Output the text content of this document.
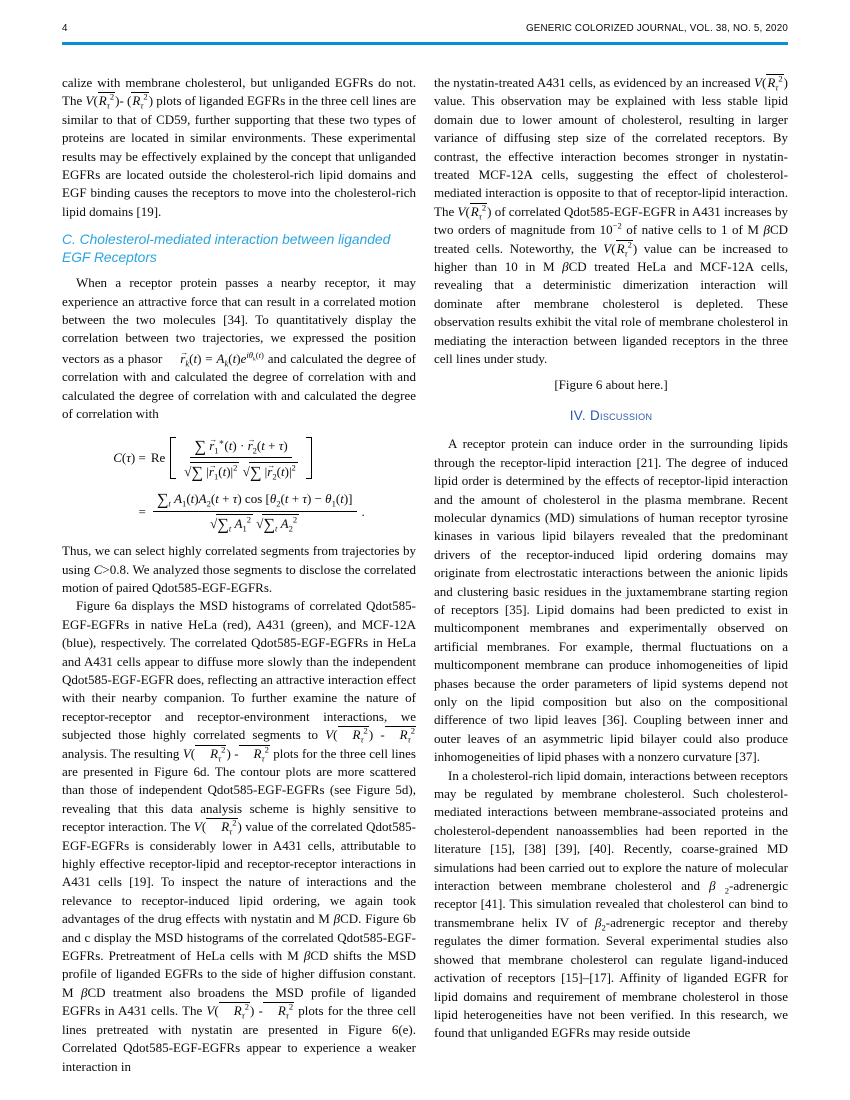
4	GENERIC COLORIZED JOURNAL, VOL. 38, NO. 5, 2020

calize with membrane cholesterol, but unliganded EGFRs do not. The $V(R_\tau^2)-$ $(R_\tau^2)$ plots of liganded EGFRs in the three cell lines are similar to that of CD59, further supporting that these two types of proteins are located in similar environments. These experimental results may be effectively explained by the concept that unliganded EGFRs are located outside the cholesterol-rich lipid domains and EGF binding causes the receptors to move into the cholesterol-rich lipid domains [19].

C. Cholesterol-mediated interaction between liganded EGF Receptors

When a receptor protein passes a nearby receptor, it may experience an attractive force that can result in a correlated motion between the two molecules [34]. To quantitatively display the correlation between two trajectories, we expressed the position vectors as a phasor $r \to_k(t) = A_k(t)e^{i\theta_k(t)}$ and calculated the degree of correlation with and calculated the degree of correlation with and calculated the degree of correlation with and calculated the degree of correlation with

C(τ) = Re $\frac{\sum r \to_1^∗(t) \cdot r \to_2(t + \tau)}{√\sum |r \to_1(t)|^2 √\sum |r \to_2(t)|^2}$
= $\frac{\sum_t A_1(t)A_2(t + \tau) \cos [\theta_2(t + \tau) - \theta_1(t)]}{√\sum_t A_1^2 √\sum_t A_2^2}$ .

Thus, we can select highly correlated segments from trajectories by using C>0.8. We analyzed those segments to disclose the correlated motion of paired Qdot585-EGF-EGFRs.

Figure 6a displays the MSD histograms of correlated Qdot585-EGF-EGFRs in native HeLa (red), A431 (green), and MCF-12A (blue), respectively. The correlated Qdot585-EGF-EGFRs in HeLa and A431 cells appear to diffuse more slowly than the independent Qdot585-EGF-EGFR does, reflecting an attractive interaction effect with their nearby companion. To further examine the nature of receptor-receptor and receptor-environment interactions, we subjected those highly correlated segments to V( $R_\tau^2) - R_\tau^2$ analysis. The resulting V( $R_\tau^2) - R_\tau^2$ plots for the three cell lines are presented in Figure 6d. The contour plots are more scattered than those of independent Qdot585-EGF-EGFRs (see Figure 5d), revealing that this data analysis scheme is highly sensitive to receptor interaction. The V( $R_\tau^2$) value of the correlated Qdot585-EGF-EGFRs is considerably lower in A431 cells, attributable to highly effective receptor-lipid and receptor-receptor interactions in A431 cells [19]. To inspect the nature of interactions and the relevance to receptor-induced lipid ordering, we again took advantages of the drug effects with nystatin and M βCD. Figure 6b and c display the MSD histograms of the correlated Qdot585-EGF-EGFRs. Pretreatment of HeLa cells with M βCD shifts the MSD profile of liganded EGFRs to the side of higher diffusion constant. M βCD treatment also broadens the MSD profile of liganded EGFRs in A431 cells. The V( $R_\tau^2) - R_\tau^2$ plots for the three cell lines pretreated with nystatin are presented in Figure 6(e). Correlated Qdot585-EGF-EGFRs appear to experience a weaker interaction in

the nystatin-treated A431 cells, as evidenced by an increased $V(R_\tau^2)$ value. This observation may be explained with less stable lipid domain due to lower amount of cholesterol, resulting in larger variance of diffusing step size of the correlated receptors. By contrast, the effective interaction becomes stronger in nystatin-treated MCF-12A cells, suggesting the effect of cholesterol-mediated interaction is opposite to that of receptor-lipid interaction. The $V(R_\tau^2)$ of correlated Qdot585-EGF-EGFR in A431 increases by two orders of magnitude from $10^{-2}$ of native cells to 1 of M βCD treated cells. Noteworthy, the $V(R_\tau^2)$ value can be increased to higher than 10 in M βCD treated HeLa and MCF-12A cells, revealing that a deterministic dimerization interaction will dominate after membrane cholesterol is depleted. These observation results exhibit the vital role of membrane cholesterol in mediating the interaction between liganded receptors in the three cell lines under study.

[Figure 6 about here.]

IV. Discussion

A receptor protein can induce order in the surrounding lipids through the receptor-lipid interaction [21]. The degree of induced lipid order is determined by the effects of receptor-lipid interaction and the amount of cholesterol in the plasma membrane. Recent molecular dynamics (MD) simulations of human receptor tyrosine kinases in various lipid bilayers revealed that the predominant drivers of the receptor-induced lipid ordering domains may originate from electrostatic interactions between the anionic lipids and clustering basic residues in the juxtamembrane starting region of receptors [35]. Lipid domains had been predicted to exist in multicomponent membranes and experimentally observed on artificial membranes. For example, thermal fluctuations on a multicomponent membrane can produce inhomogeneities of lipid phases because the order parameters of lipid systems depend not only on the lipid composition but also on the compositional difference of two lipid leaves [36]. Coupling between inner and outer leaves of an asymmetric lipid bilayer could also produce inhomogeneities of lipid phases with a nonzero curvature [37].

In a cholesterol-rich lipid domain, interactions between receptors may be regulated by membrane cholesterol. Such cholesterol-mediated interactions between membrane-associated proteins and cholesterol-dependent nanoassemblies had been reported in the literature [15], [38] [39], [40]. Recently, coarse-grained MD simulations had been carried out to explore the nature of molecular interaction between membrane cholesterol and β $_2$-adrenergic receptor [41]. This simulation revealed that cholesterol can bind to transmembrane helix IV of $\beta_2$-adrenergic receptor and thereby regulates the dimer formation. Several experimental studies also showed that membrane cholesterol can regulate ligand-induced activation of receptors [15]–[17]. Affinity of liganded EGFR for lipid domains and requirement of membrane cholesterol in those lipid heterogeneities have not been verified. In this research, we found that unliganded EGFRs may reside outside
